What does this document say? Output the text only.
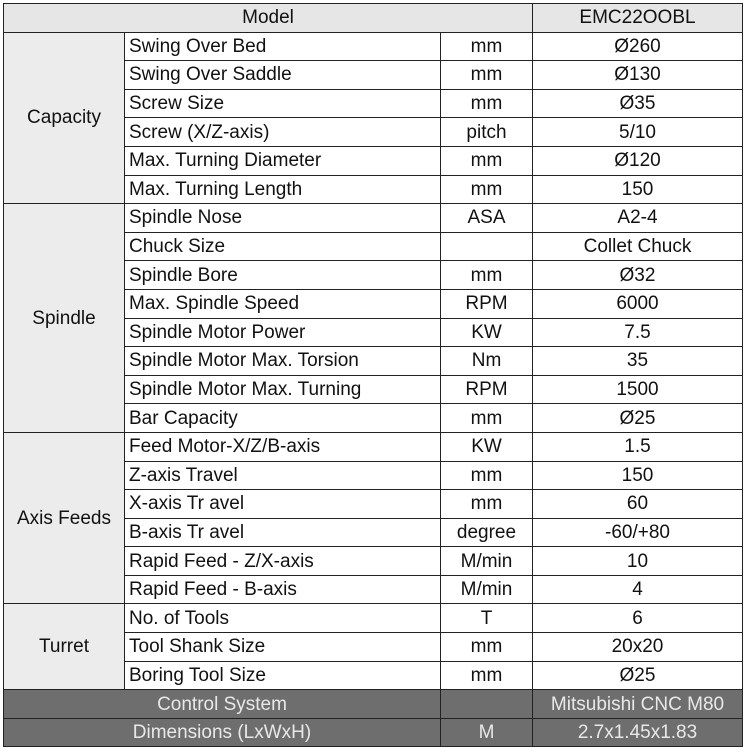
Model			EMC22OOBL
Capacity	Swing Over Bed	mm	Ø260
	Swing Over Saddle	mm	Ø130
	Screw Size	mm	Ø35
	Screw (X/Z-axis)	pitch	5/10
	Max. Turning Diameter	mm	Ø120
	Max. Turning Length	mm	150
Spindle	Spindle Nose	ASA	A2-4
	Chuck Size		Collet Chuck
	Spindle Bore	mm	Ø32
	Max. Spindle Speed	RPM	6000
	Spindle Motor Power	KW	7.5
	Spindle Motor Max. Torsion	Nm	35
	Spindle Motor Max. Turning	RPM	1500
	Bar Capacity	mm	Ø25
Axis Feeds	Feed Motor-X/Z/B-axis	KW	1.5
	Z-axis Travel	mm	150
	X-axis Tr avel	mm	60
	B-axis Tr avel	degree	-60/+80
	Rapid Feed - Z/X-axis	M/min	10
	Rapid Feed - B-axis	M/min	4
Turret	No. of Tools	T	6
	Tool Shank Size	mm	20x20
	Boring Tool Size	mm	Ø25
Control System			Mitsubishi CNC M80
Dimensions (LxWxH)		M	2.7x1.45x1.83
